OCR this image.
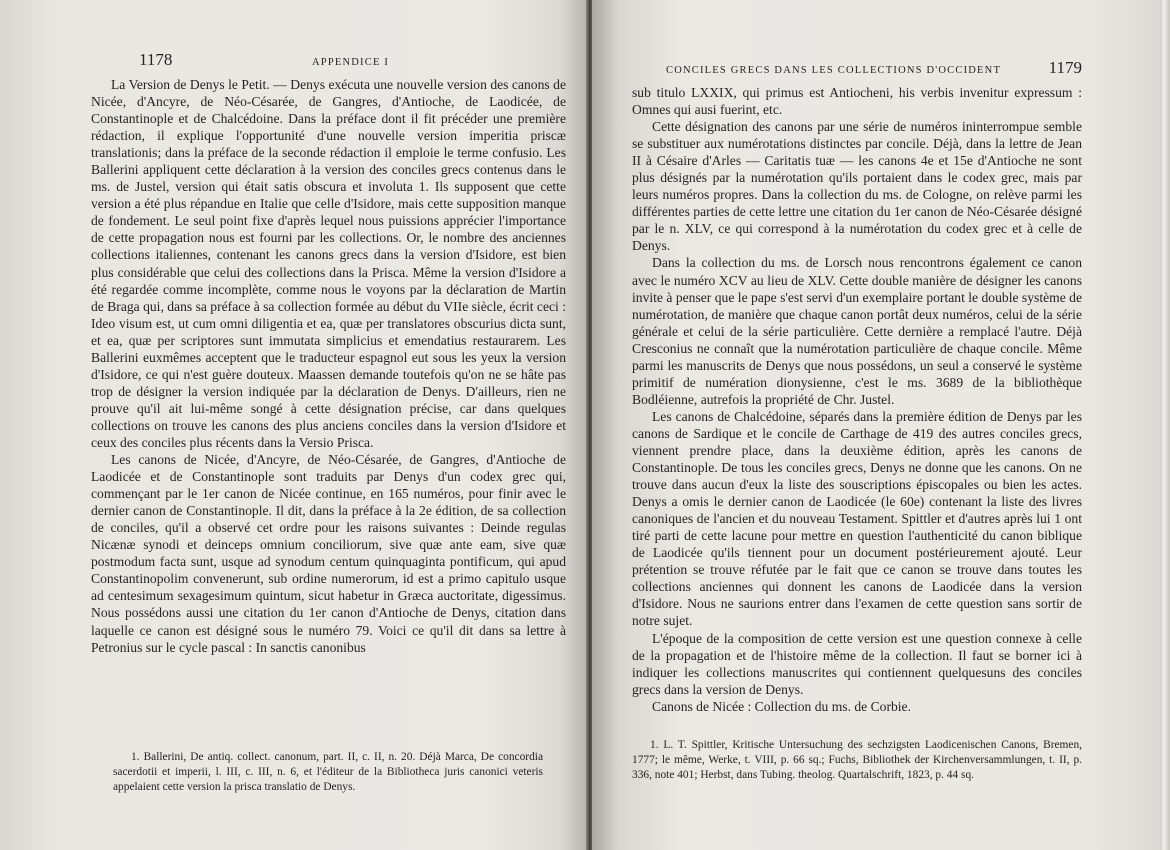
1178	APPENDICE I

La Version de Denys le Petit. — Denys exécuta une nouvelle version des canons de Nicée, d'Ancyre, de Néo-Césarée, de Gangres, d'Antioche, de Laodicée, de Constantinople et de Chalcédoine. Dans la préface dont il fit précéder une première rédaction, il explique l'opportunité d'une nouvelle version imperitia priscæ translationis; dans la préface de la seconde rédaction il emploie le terme confusio. Les Ballerini appliquent cette déclaration à la version des conciles grecs contenus dans le ms. de Justel, version qui était satis obscura et involuta 1. Ils supposent que cette version a été plus répandue en Italie que celle d'Isidore, mais cette supposition manque de fondement. Le seul point fixe d'après lequel nous puissions apprécier l'importance de cette propagation nous est fourni par les collections. Or, le nombre des anciennes collections italiennes, contenant les canons grecs dans la version d'Isidore, est bien plus considérable que celui des collections dans la Prisca. Même la version d'Isidore a été regardée comme incomplète, comme nous le voyons par la déclaration de Martin de Braga qui, dans sa préface à sa collection formée au début du VIIe siècle, écrit ceci : Ideo visum est, ut cum omni diligentia et ea, quæ per translatores obscurius dicta sunt, et ea, quæ per scriptores sunt immutata simplicius et emendatius restaurarem. Les Ballerini euxmêmes acceptent que le traducteur espagnol eut sous les yeux la version d'Isidore, ce qui n'est guère douteux. Maassen demande toutefois qu'on ne se hâte pas trop de désigner la version indiquée par la déclaration de Denys. D'ailleurs, rien ne prouve qu'il ait lui-même songé à cette désignation précise, car dans quelques collections on trouve les canons des plus anciens conciles dans la version d'Isidore et ceux des conciles plus récents dans la Versio Prisca.

Les canons de Nicée, d'Ancyre, de Néo-Césarée, de Gangres, d'Antioche de Laodicée et de Constantinople sont traduits par Denys d'un codex grec qui, commençant par le 1er canon de Nicée continue, en 165 numéros, pour finir avec le dernier canon de Constantinople. Il dit, dans la préface à la 2e édition, de sa collection de conciles, qu'il a observé cet ordre pour les raisons suivantes : Deinde regulas Nicænæ synodi et deinceps omnium conciliorum, sive quæ ante eam, sive quæ postmodum facta sunt, usque ad synodum centum quinquaginta pontificum, qui apud Constantinopolim convenerunt, sub ordine numerorum, id est a primo capitulo usque ad centesimum sexagesimum quintum, sicut habetur in Græca auctoritate, digessimus. Nous possédons aussi une citation du 1er canon d'Antioche de Denys, citation dans laquelle ce canon est désigné sous le numéro 79. Voici ce qu'il dit dans sa lettre à Petronius sur le cycle pascal : In sanctis canonibus

1. Ballerini, De antiq. collect. canonum, part. II, c. II, n. 20. Déjà Marca, De concordia sacerdotii et imperii, l. III, c. III, n. 6, et l'éditeur de la Bibliotheca juris canonici veteris appelaient cette version la prisca translatio de Denys.

CONCILES GRECS DANS LES COLLECTIONS D'OCCIDENT	1179

sub titulo LXXIX, qui primus est Antiocheni, his verbis invenitur expressum : Omnes qui ausi fuerint, etc.

Cette désignation des canons par une série de numéros ininterrompue semble se substituer aux numérotations distinctes par concile. Déjà, dans la lettre de Jean II à Césaire d'Arles — Caritatis tuæ — les canons 4e et 15e d'Antioche ne sont plus désignés par la numérotation qu'ils portaient dans le codex grec, mais par leurs numéros propres. Dans la collection du ms. de Cologne, on relève parmi les différentes parties de cette lettre une citation du 1er canon de Néo-Césarée désigné par le n. XLV, ce qui correspond à la numérotation du codex grec et à celle de Denys.

Dans la collection du ms. de Lorsch nous rencontrons également ce canon avec le numéro XCV au lieu de XLV. Cette double manière de désigner les canons invite à penser que le pape s'est servi d'un exemplaire portant le double système de numérotation, de manière que chaque canon portât deux numéros, celui de la série générale et celui de la série particulière. Cette dernière a remplacé l'autre. Déjà Cresconius ne connaît que la numérotation particulière de chaque concile. Même parmi les manuscrits de Denys que nous possédons, un seul a conservé le système primitif de numération dionysienne, c'est le ms. 3689 de la bibliothèque Bodléienne, autrefois la propriété de Chr. Justel.

Les canons de Chalcédoine, séparés dans la première édition de Denys par les canons de Sardique et le concile de Carthage de 419 des autres conciles grecs, viennent prendre place, dans la deuxième édition, après les canons de Constantinople. De tous les conciles grecs, Denys ne donne que les canons. On ne trouve dans aucun d'eux la liste des souscriptions épiscopales ou bien les actes. Denys a omis le dernier canon de Laodicée (le 60e) contenant la liste des livres canoniques de l'ancien et du nouveau Testament. Spittler et d'autres après lui 1 ont tiré parti de cette lacune pour mettre en question l'authenticité du canon biblique de Laodicée qu'ils tiennent pour un document postérieurement ajouté. Leur prétention se trouve réfutée par le fait que ce canon se trouve dans toutes les collections anciennes qui donnent les canons de Laodicée dans la version d'Isidore. Nous ne saurions entrer dans l'examen de cette question sans sortir de notre sujet.

L'époque de la composition de cette version est une question connexe à celle de la propagation et de l'histoire même de la collection. Il faut se borner ici à indiquer les collections manuscrites qui contiennent quelquesuns des conciles grecs dans la version de Denys.

Canons de Nicée : Collection du ms. de Corbie.

1. L. T. Spittler, Kritische Untersuchung des sechzigsten Laodicenischen Canons, Bremen, 1777; le même, Werke, t. VIII, p. 66 sq.; Fuchs, Bibliothek der Kirchenversammlungen, t. II, p. 336, note 401; Herbst, dans Tubing. theolog. Quartalschrift, 1823, p. 44 sq.
